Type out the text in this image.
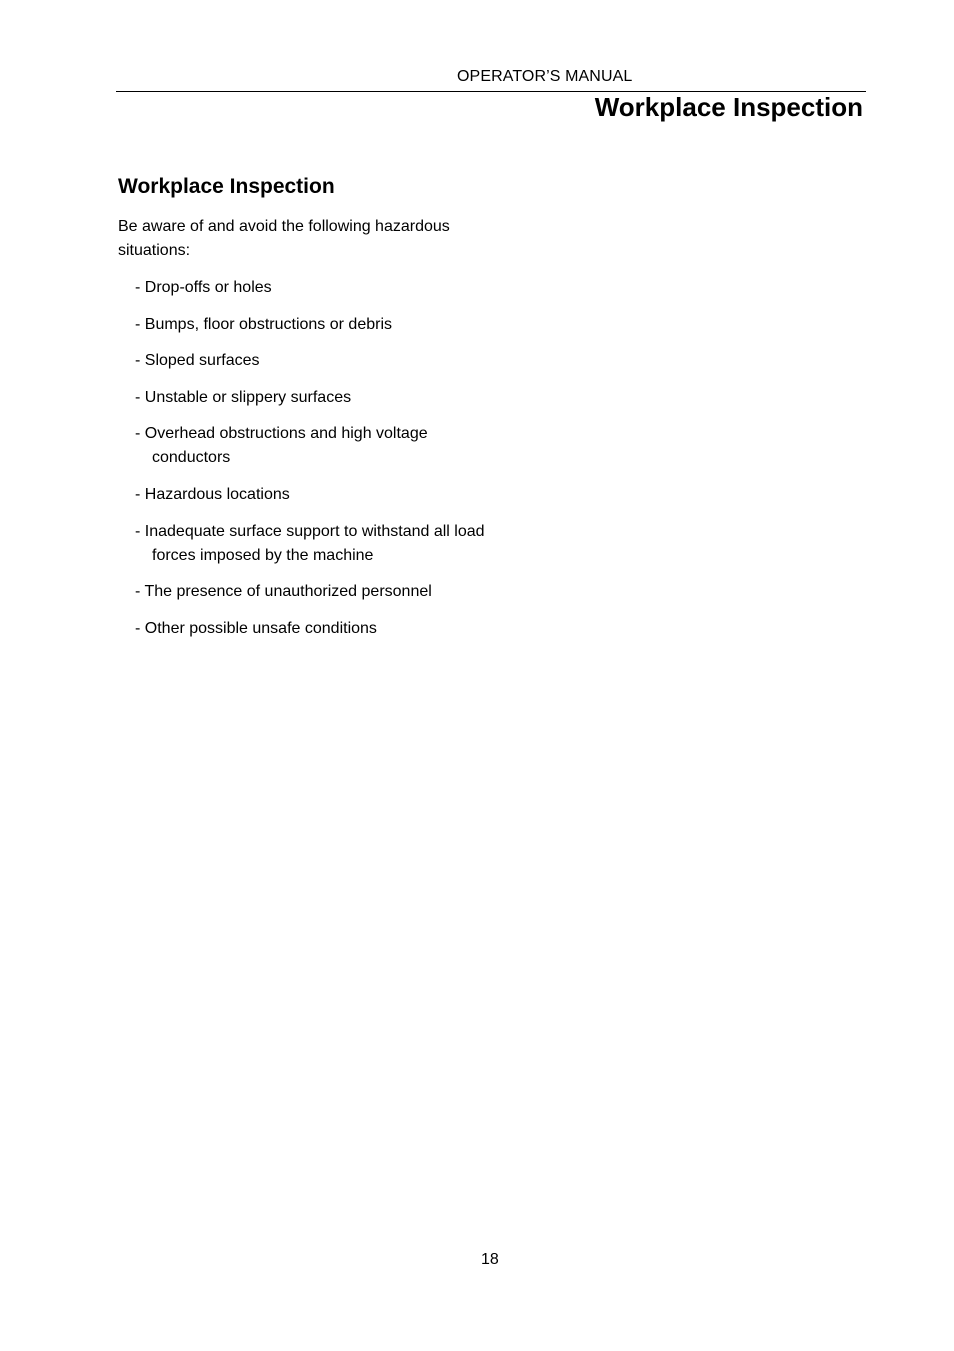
OPERATOR’S MANUAL
Workplace Inspection
Workplace Inspection

Be aware of and avoid the following hazardous situations:

- Drop-offs or holes
- Bumps, floor obstructions or debris
- Sloped surfaces
- Unstable or slippery surfaces
- Overhead obstructions and high voltage conductors
- Hazardous locations
- Inadequate surface support to withstand all load forces imposed by the machine
- The presence of unauthorized personnel
- Other possible unsafe conditions
18
